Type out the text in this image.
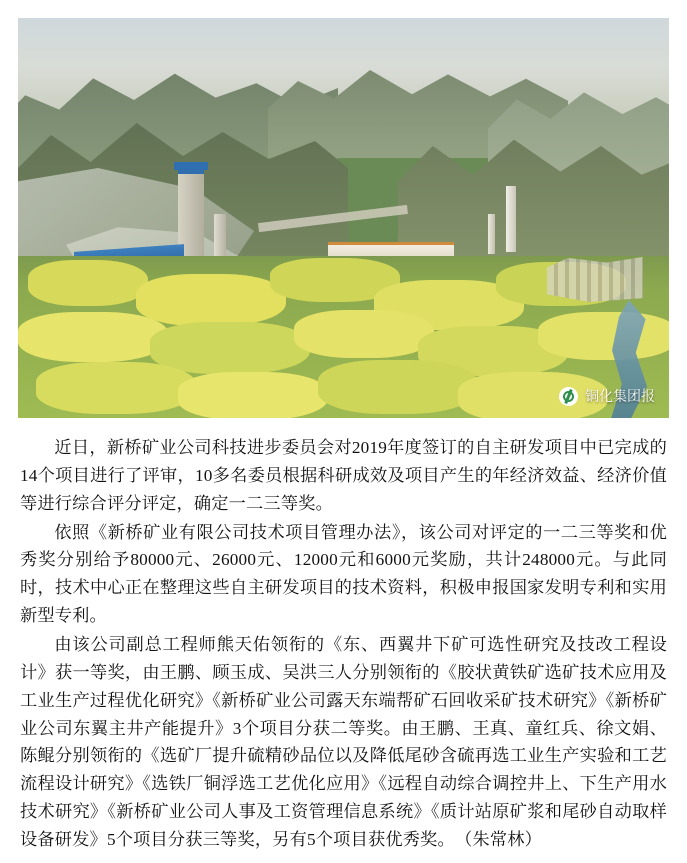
铜化集团报

近日，新桥矿业公司科技进步委员会对2019年度签订的自主研发项目中已完成的14个项目进行了评审，10多名委员根据科研成效及项目产生的年经济效益、经济价值等进行综合评分评定，确定一二三等奖。

依照《新桥矿业有限公司技术项目管理办法》，该公司对评定的一二三等奖和优秀奖分别给予80000元、26000元、12000元和6000元奖励，共计248000元。与此同时，技术中心正在整理这些自主研发项目的技术资料，积极申报国家发明专利和实用新型专利。

由该公司副总工程师熊天佑领衔的《东、西翼井下矿可选性研究及技改工程设计》获一等奖，由王鹏、顾玉成、吴洪三人分别领衔的《胶状黄铁矿选矿技术应用及工业生产过程优化研究》《新桥矿业公司露天东端帮矿石回收采矿技术研究》《新桥矿业公司东翼主井产能提升》3个项目分获二等奖。由王鹏、王真、童红兵、徐文娟、陈鲲分别领衔的《选矿厂提升硫精砂品位以及降低尾砂含硫再选工业生产实验和工艺流程设计研究》《选铁厂铜浮选工艺优化应用》《远程自动综合调控井上、下生产用水技术研究》《新桥矿业公司人事及工资管理信息系统》《质计站原矿浆和尾砂自动取样设备研发》5个项目分获三等奖，另有5个项目获优秀奖。　（朱常林）
